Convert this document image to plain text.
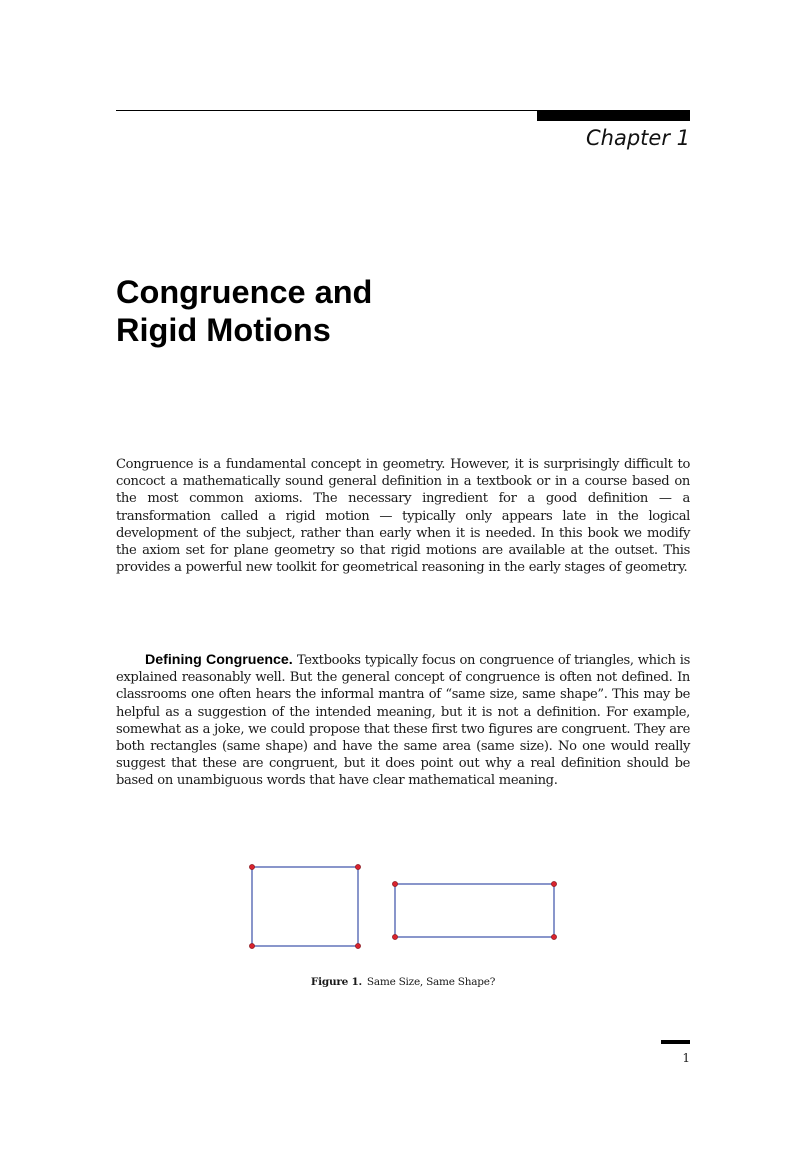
Chapter 1
Congruence and
Rigid Motions

Congruence is a fundamental concept in geometry. However, it is surprisingly difficult to concoct a mathematically sound general definition in a textbook or in a course based on the most common axioms. The necessary ingredient for a good definition — a transformation called a rigid motion — typically only appears late in the logical development of the subject, rather than early when it is needed. In this book we modify the axiom set for plane geometry so that rigid motions are available at the outset. This provides a powerful new toolkit for geometrical reasoning in the early stages of geometry.

Defining Congruence. Textbooks typically focus on congruence of triangles, which is explained reasonably well. But the general concept of congruence is often not defined. In classrooms one often hears the informal mantra of “same size, same shape”. This may be helpful as a suggestion of the intended meaning, but it is not a definition. For example, somewhat as a joke, we could propose that these first two figures are congruent. They are both rectangles (same shape) and have the same area (same size). No one would really suggest that these are congruent, but it does point out why a real definition should be based on unambiguous words that have clear mathematical meaning.

Figure 1. Same Size, Same Shape?
1
